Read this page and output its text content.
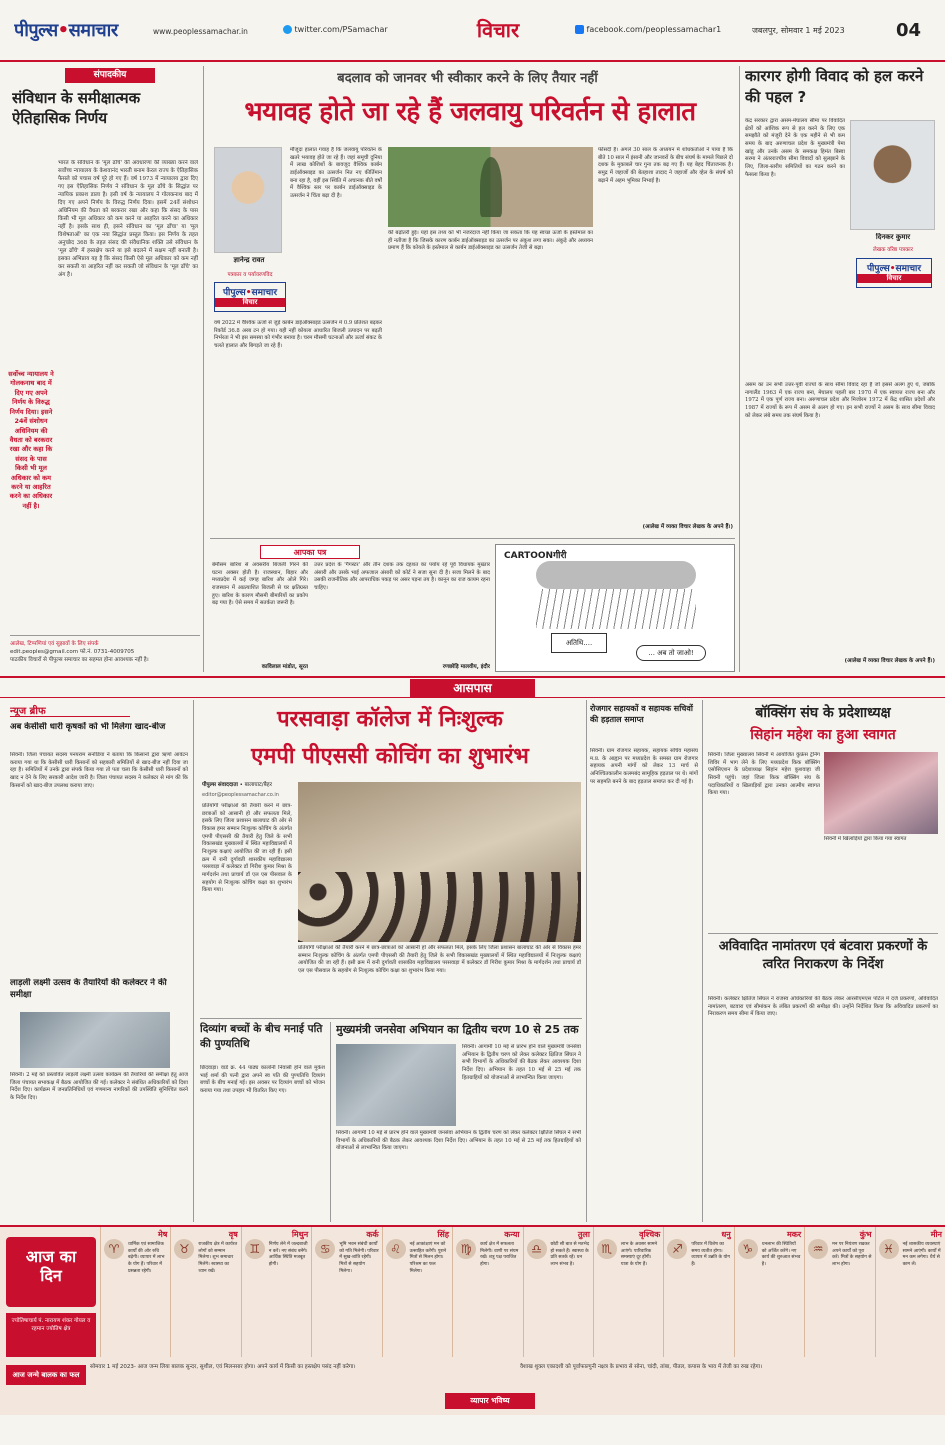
पीपुल्स•समाचार	www.peoplessamachar.in	twitter.com/PSamachar	विचार	facebook.com/peoplessamachar1	जबलपुर, सोमवार 1 मई 2023	04
संपादकीय
संविधान के समीक्षात्मक ऐतिहासिक निर्णय
भारत के संविधान के 'मूल ढाँचे' की अवधारणा की व्याख्या करने वाले सर्वोच्च न्यायालय के केशवानंद भारती बनाम केरल राज्य के ऐतिहासिक फैसले को पचास वर्ष पूरे हो गए हैं। वर्ष 1973 में न्यायालय द्वारा दिए गए इस ऐतिहासिक निर्णय ने संविधान के मूल ढाँचे के सिद्धांत पर न्यायिक प्रकाश डाला है। इसी वर्ष के न्यायालय ने गोलकनाथ बाद में दिए गए अपने निर्णय के विरुद्ध निर्णय दिया। इसमें 24वें संशोधन अधिनियम की वैधता को बरकरार रखा और कहा कि संसद के पास किसी भी मूल अधिकार को कम करने या आहरित करने का अधिकार नहीं है। इसके साथ ही, इसने संविधान का 'मूल ढाँचा' या 'मूल विशेषताओं' का एक नया सिद्धांत प्रस्तुत किया। इस निर्णय के तहत अनुच्छेद 368 के तहत संसद की संवैधानिक शक्ति उसे संविधान के 'मूल ढाँचे' में हस्तक्षेप करने या इसे बदलने में सक्षम नहीं बनाती है। इसका अभिप्राय यह है कि संसद किसी ऐसे मूल अधिकार को कम नहीं कर सकती या आहरित नहीं कर सकती जो संविधान के 'मूल ढाँचे' का अंग है।
सर्वोच्च न्यायालय ने गोलकनाथ बाद में दिए गए अपने निर्णय के विरुद्ध निर्णय दिया। इसने 24वें संशोधन अधिनियम की वैधता को बरकरार रखा और कहा कि संसद के पास किसी भी मूल अधिकार को कम करने या आहरित करने का अधिकार नहीं है।
आलेख, टिप्पणियां एवं सुझावों के लिए संपर्क
edit.peoples@gmail.com फो.नं. 0731-4009705
पाठकीय विचारों से पीपुल्स समाचार का सहमत होना आवश्यक नहीं है।
बदलाव को जानवर भी स्वीकार करने के लिए तैयार नहीं
भयावह होते जा रहे हैं जलवायु परिवर्तन से हालात
ज्ञानेन्द्र रावत
पत्रकार व पर्यावरणविद
पीपुल्स•समाचार
विचार
मौजूदा हालात गवाह हैं कि जलवायु परिवर्तन के खतरे भयावह होते जा रहे हैं। जहां समूची दुनिया में लाख कोशिशों के बावजूद वैश्विक कार्बन डाईऑक्साइड का उत्सर्जन नित नए कीर्तिमान बना रहा है, वहीं इस स्थिति में अचानक बीते वर्षों में वैश्विक स्तर पर कार्बन डाईऑक्साइड के उत्सर्जन ने चिंता बढ़ा दी है।
वर्ष 2022 में वैश्विक ऊर्जा से जुड़े कार्बन डाईऑक्साइड उत्सर्जन में 0.9 प्रतिशत बढ़कर रिकॉर्ड 36.8 अरब टन हो गया। यही नहीं कोयला आधारित बिजली उत्पादन पर बढ़ती निर्भरता ने भी इस समस्या को गंभीर बनाया है। चरम मौसमी घटनाओं और ऊर्जा संकट के चलते हालात और बिगड़ते जा रहे हैं।
की बढ़ोतरी हुई। यहां इस तथ्य को भी नजरंदाज नहीं किया जा सकता कि यह स्वच्छ ऊर्जा के इस्तेमाल का ही नतीजा है कि जिसके कारण कार्बन डाईऑक्साइड का उत्सर्जन पर अंकुश लगा सका। अंकुड़े और अध्ययन प्रमाण हैं कि कोयले के इस्तेमाल से कार्बन डाईऑक्साइड का उत्सर्जन तेजी से बढ़ा।
फीसदी है। अगले 30 साल के अध्ययन में शोधकर्ताओं ने पाया है कि बीते 10 साल में इंसानी और जानवरों के बीच संघर्ष के मामले पिछले दो दशक के मुकाबले चार गुना तक बढ़ गए हैं। यह बेहद चिंताजनक है। समुद्र में जहाजों की बेतहाशा तादाद ने जहाजों और व्हेल के संघर्ष को बढ़ाने में अहम भूमिका निभाई है।
(आलेख में व्यक्त विचार लेखक के अपने हैं।)
कारगर होगी विवाद को हल करने की पहल ?
केंद्र सरकार द्वारा असम-मेघालय सीमा पर विवादित क्षेत्रों को आंशिक रूप से हल करने के लिए एक समझौते को मंजूरी देने के एक महीने से भी कम समय के बाद अरुणाचल प्रदेश के मुख्यमंत्री पेमा खांडू और उनके असम के समकक्ष हिमंत बिस्वा सरमा ने अंतरराज्यीय सीमा विवादों को सुलझाने के लिए, जिला-स्तरीय समितियों का गठन करने का फैसला किया है।
दिनकर कुमार
लेखक वरिष्ठ पत्रकार
पीपुल्स•समाचार
विचार
असम का उन सभी उत्तर-पूर्वी राज्यों के साथ सीमा विवाद रहा है जो इससे अलग हुए थे, जबकि नागालैंड 1963 में एक राज्य बना, मेघालय पहली बार 1970 में एक स्वायत्त राज्य बना और 1972 में एक पूर्ण राज्य बना। अरुणाचल प्रदेश और मिजोरम 1972 में केंद्र शासित प्रदेशों और 1987 में राज्यों के रूप में असम से अलग हो गए। इन सभी राज्यों ने असम के साथ सीमा विवाद को लेकर लंबे समय तक संघर्ष किया है।
(आलेख में व्यक्त विचार लेखक के अपने हैं।)
आपका पत्र
बेमौसम बारिश से अवसरीय बिजली गिरने की घटना अक्सर होती है। राजस्थान, बिहार और मध्यप्रदेश में कई जगह बारिश और ओले गिरे। राजस्थान में अप्रत्याशित बिजली से घर क्षतिग्रस्त हुए। बारिश के कारण मौसमी बीमारियों का प्रकोप बढ़ गया है। ऐसे समय में सतर्कता जरूरी है।
काविलाल मांडोत, सूरत
उत्तर प्रदेश के 'गैंगस्टर' और तीन दशक तक दहशत का पर्याय रहे पूर्व विधायक मुख्तार अंसारी और उसके भाई अफजाल अंसारी को कोर्ट ने सजा सुना दी है। सजा मिलने के बाद उसकी राजनीतिक और आपराधिक पकड़ पर असर पड़ना तय है। कानून का राज कायम रहना चाहिए।
रणछोड़ि मालवीय, इंदौर
CARTOONगीरी
अतिथि....
... अब तो जाओ!
आसपास
न्यूज ब्रीफ
अब केसीसी धारी कृषकों को भी मिलेगा खाद-बीज
सिवनी। जिला पंचायत सदस्य पनयराम सनोडिया ने बताया कि किसानों द्वारा ऋणों आवंटन कराया गया था कि केसीसी धारी किसानों को सहकारी समितियों से खाद-बीज नहीं दिया जा रहा है। समितियों में उनके द्वारा संपर्क किया गया तो पता चला कि केसीसी धारी किसानों को खाद न देने के लिए सरकारी आदेश जारी है। जिला पंचायत सदस्य ने कलेक्टर से मांग की कि किसानों को खाद-बीज उपलब्ध कराया जाए।
लाड़ली लक्ष्मी उत्सव के तैयारियों की कलेक्टर ने की समीक्षा
सिवनी। 2 मई को प्रस्तावित लाड़ली लक्ष्मी उत्सव कार्यक्रम की तैयारियों की समीक्षा हेतु आज जिला पंचायत सभाकक्ष में बैठक आयोजित की गई। कलेक्टर ने संबंधित अधिकारियों को दिशा निर्देश दिए। कार्यक्रम में जनप्रतिनिधियों एवं गणमान्य नागरिकों की उपस्थिति सुनिश्चित करने के निर्देश दिए।
परसवाड़ा कॉलेज में निःशुल्क
एमपी पीएससी कोचिंग का शुभारंभ
पीपुल्स संवाददाता • बालाघाट/बैहर
editor@peoplessamachar.co.in
प्रतियोगी परीक्षाओं की तैयारी करने में छात्र-छात्राओं को आसानी हो और सफलता मिले, इसके लिए जिला प्रशासन बालाघाट की ओर से विकास हमर सम्मान निःशुल्क कोचिंग के अंतर्गत एमपी पीएससी की तैयारी हेतु जिले के सभी विकासखंड मुख्यालयों में स्थित महाविद्यालयों में निःशुल्क कक्षाएं आयोजित की जा रही हैं। इसी क्रम में रानी दुर्गावती शासकीय महाविद्यालय परसवाड़ा में कलेक्टर डॉ गिरीश कुमार मिश्रा के मार्गदर्शन तथा प्राचार्य डॉ एल एस पीसवाल के सहयोग से निःशुल्क कोचिंग कक्षा का शुभारंभ किया गया।
प्रतियोगी परीक्षाओं की तैयारी करने में छात्र-छात्राओं को आसानी हो और सफलता मिले, इसके लिए जिला प्रशासन बालाघाट की ओर से विकास हमर सम्मान निःशुल्क कोचिंग के अंतर्गत एमपी पीएससी की तैयारी हेतु जिले के सभी विकासखंड मुख्यालयों में स्थित महाविद्यालयों में निःशुल्क कक्षाएं आयोजित की जा रही हैं। इसी क्रम में रानी दुर्गावती शासकीय महाविद्यालय परसवाड़ा में कलेक्टर डॉ गिरीश कुमार मिश्रा के मार्गदर्शन तथा प्राचार्य डॉ एल एस पीसवाल के सहयोग से निःशुल्क कोचिंग कक्षा का शुभारंभ किया गया।
दिव्यांग बच्चों के बीच मनाई पति की पुण्यतिथि
छिंदवाड़ा। वार्ड क्र. 44 पाठ्य कालोनी निवासी होने वाले मुकेश भाई शर्मा की पत्नी द्वारा अपने स्व पति की पुण्यतिथि दिव्यांग बच्चों के बीच मनाई गई। इस अवसर पर दिव्यांग बच्चों को भोजन कराया गया तथा उपहार भी वितरित किए गए।
मुख्यमंत्री जनसेवा अभियान का द्वितीय चरण 10 से 25 तक
सिवनी। आगामी 10 मई से प्रारंभ होने वाले मुख्यमंत्री जनसेवा अभियान के द्वितीय चरण को लेकर कलेक्टर क्षितिज सिंघल ने सभी विभागों के अधिकारियों की बैठक लेकर आवश्यक दिशा निर्देश दिए। अभियान के तहत 10 मई से 25 मई तक हितग्राहियों को योजनाओं से लाभान्वित किया जाएगा।
सिवनी। आगामी 10 मई से प्रारंभ होने वाले मुख्यमंत्री जनसेवा अभियान के द्वितीय चरण को लेकर कलेक्टर क्षितिज सिंघल ने सभी विभागों के अधिकारियों की बैठक लेकर आवश्यक दिशा निर्देश दिए। अभियान के तहत 10 मई से 25 मई तक हितग्राहियों को योजनाओं से लाभान्वित किया जाएगा।
रोजगार सहायकों व सहायक सचिवों की हड़ताल समाप्त
सिवनी। ग्राम रोजगार सहायक, सहायक सचिव महासंघ म.प्र. के आह्वान पर मध्यप्रदेश के समस्त ग्राम रोजगार सहायक अपनी मांगों को लेकर 13 मार्च से अनिश्चितकालीन कलमबंद सामूहिक हड़ताल पर थे। मांगों पर सहमति बनने के बाद हड़ताल समाप्त कर दी गई है।
बॉक्सिंग संघ के प्रदेशाध्यक्ष
सिहांन महेश का हुआ स्वागत
सिवनी। जिला मुख्यालय सिवनी में आयोजित कुंफ्रेंस ट्रेनिंग शिविर में भाग लेने के लिए मध्यप्रदेश किक बॉक्सिंग एसोसिएशन के प्रदेशाध्यक्ष सिहांन महेश कुशवाहा जी सिवनी पहुंचे। जहां जिला किक बॉक्सिंग संघ के पदाधिकारियों व खिलाड़ियों द्वारा उनका आत्मीय स्वागत किया गया।
सिवनी में खिलाड़ियों द्वारा किया गया स्वागत
अविवादित नामांतरण एवं बंटवारा प्रकरणों के त्वरित निराकरण के निर्देश
सिवनी। कलेक्टर क्षितिज सिंघल ने राजस्व अधिकारियों की बैठक लेकर आरसीएमएस पोर्टल में दर्ज प्रकरणों, अविवादित नामांतरण, बटवारा एवं सीमांकन के लंबित प्रकरणों की समीक्षा की। उन्होंने निर्देशित किया कि अविवादित प्रकरणों का निराकरण समय सीमा में किया जाए।
आज का दिन
ज्योतिषाचार्य पं. नारायण शंकर गोयल व रहमान ज्योतिष क्षेत्र
मेष
♈	धार्मिक एवं सामाजिक कार्यों की ओर रुचि बढ़ेगी। व्यापार में लाभ के योग हैं। परिवार में प्रसन्नता रहेगी।
वृष
♉	राजकीय क्षेत्र में कार्यरत लोगों को सम्मान मिलेगा। शुभ समाचार मिलेंगे। स्वास्थ्य का ध्यान रखें।
मिथुन
♊	निर्णय लेने में जल्दबाजी न करें। नए संबंध बनेंगे। आर्थिक स्थिति मजबूत होगी।
कर्क
♋	भूमि भवन संबंधी कार्यों को गति मिलेगी। परिवार में सुख-शांति रहेगी। मित्रों से सहयोग मिलेगा।
सिंह
♌	नई आकांक्षाएं मन को उत्साहित करेंगी। पुराने मित्रों से मिलन होगा। परिश्रम का फल मिलेगा।
कन्या
♍	कार्य क्षेत्र में सफलता मिलेगी। वाणी पर संयम रखें। शत्रु पक्ष पराजित होगा।
तुला
♎	छोटी सी बात से मतभेद हो सकते हैं। स्वास्थ्य के प्रति सतर्क रहें। धन लाभ संभव है।
वृश्चिक
♏	लाभ के अवसर सामने आएंगे। पारिवारिक समस्याएं दूर होंगी। यात्रा के योग हैं।
धनु
♐	परिवार में विशेष का समय व्यतीत होगा। व्यापार में उन्नति के योग हैं।
मकर
♑	धनलाभ की स्थितियों को अर्जित करेंगे। नए कार्य की शुरुआत संभव है।
कुंभ
♒	मन पर नियंत्रण रखकर अपने कार्यों को पूरा करें। मित्रों के सहयोग से लाभ होगा।
मीन
♓	नई शासकीय व्यवस्थाएं सामने आएंगी। कार्यों में मन कम लगेगा। धैर्य से काम लें।
आज जन्मे बालक का फल
सोमवार 1 मई 2023- आज जन्म लिया बालक सुन्दर, सुशील, एवं मिलनसार होगा। अपने कार्य में किसी का हस्तक्षेप पसंद नहीं करेगा।
व्यापार भविष्य
वैशाख शुक्ल एकादशी को पूर्वाफाल्गुनी नक्षत्र के प्रभाव से सोना, चांदी, तांबा, पीतल, कपास के भाव में तेजी का रुख रहेगा।
